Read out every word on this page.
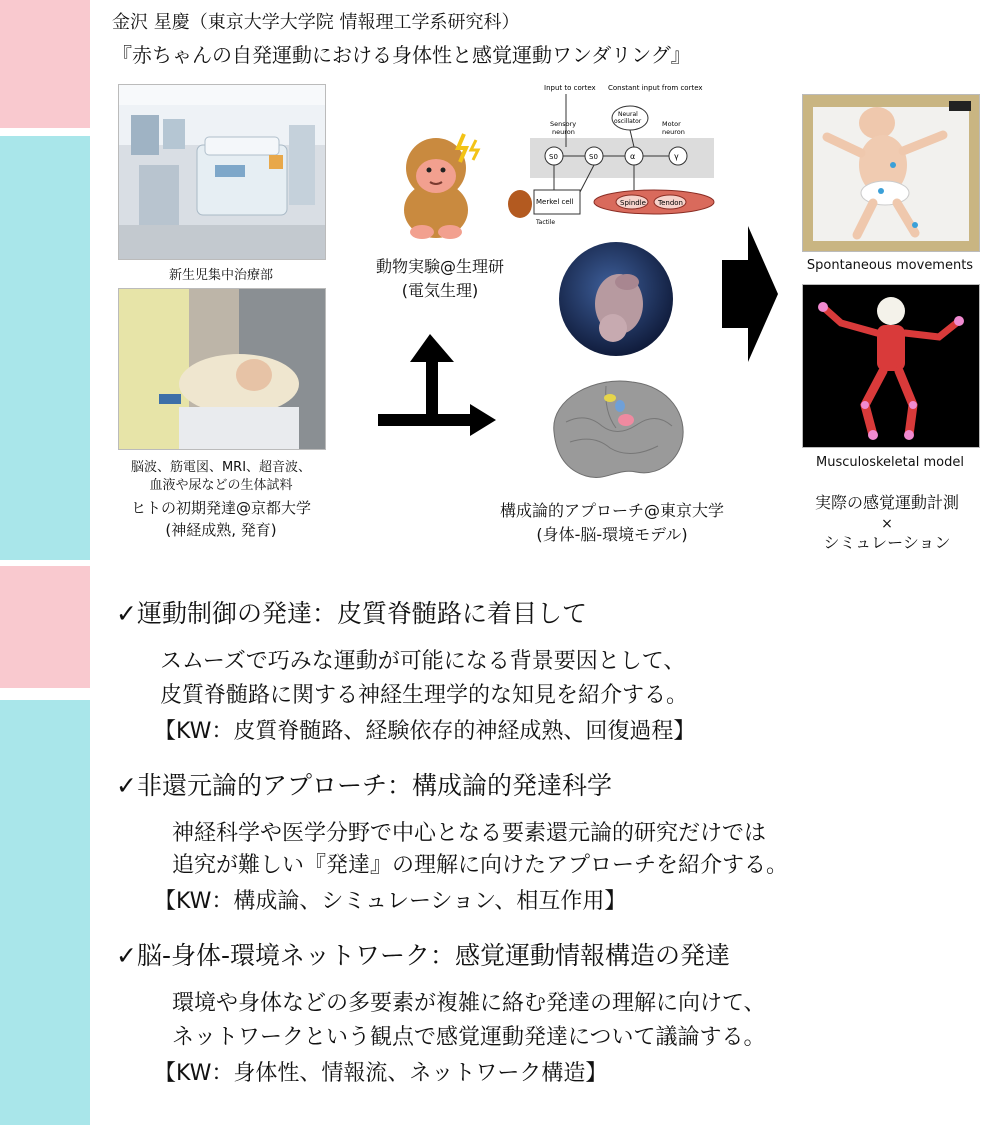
金沢 星慶（東京大学大学院 情報理工学系研究科）
『赤ちゃんの自発運動における身体性と感覚運動ワンダリング』
新生児集中治療部
脳波、筋電図、MRI、超音波、
血液や尿などの生体試料
ヒトの初期発達@京都大学
(神経成熟, 発育)
動物実験@生理研
(電気生理)
Input to cortex Constant input from cortex
Sensory
neuron
Neural
oscillator	Motor
neuron
S0	S0	α	γ
Merkel cell
Tactile
Spindle Tendon
構成論的アプローチ@東京大学
(身体-脳-環境モデル)
Spontaneous movements
Musculoskeletal model
実際の感覚運動計測
×
シミュレーション
✓運動制御の発達：皮質脊髄路に着目して
スムーズで巧みな運動が可能になる背景要因として、
皮質脊髄路に関する神経生理学的な知見を紹介する。
【KW：皮質脊髄路、経験依存的神経成熟、回復過程】
✓非還元論的アプローチ：構成論的発達科学
神経科学や医学分野で中心となる要素還元論的研究だけでは
追究が難しい『発達』の理解に向けたアプローチを紹介する。
【KW：構成論、シミュレーション、相互作用】
✓脳-身体-環境ネットワーク：感覚運動情報構造の発達
環境や身体などの多要素が複雑に絡む発達の理解に向けて、
ネットワークという観点で感覚運動発達について議論する。
【KW：身体性、情報流、ネットワーク構造】
